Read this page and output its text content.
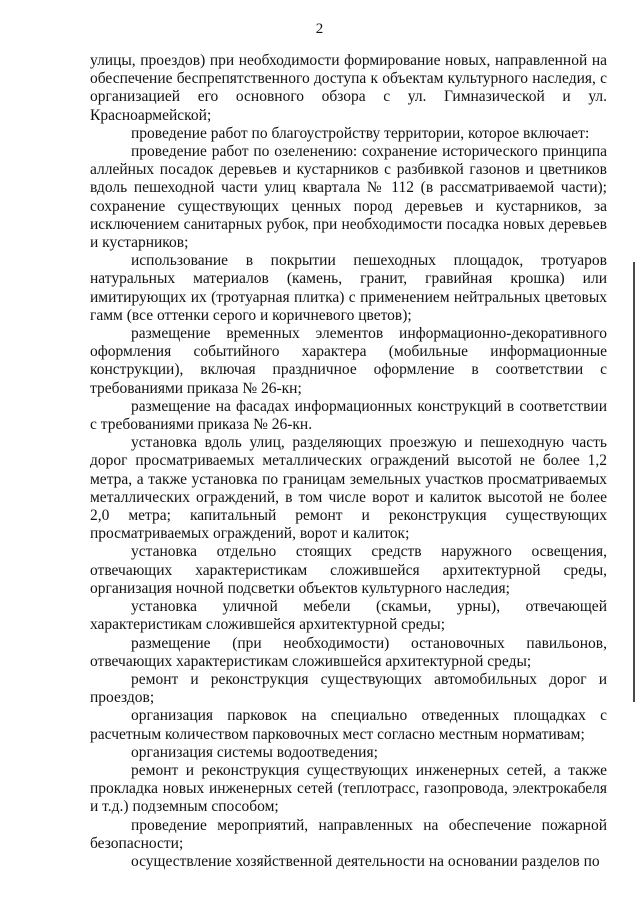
2

улицы, проездов) при необходимости формирование новых, направленной на обеспечение беспрепятственного доступа к объектам культурного наследия, с организацией его основного обзора с ул. Гимназической и ул. Красноармейской;

проведение работ по благоустройству территории, которое включает:

проведение работ по озеленению: сохранение исторического принципа аллейных посадок деревьев и кустарников с разбивкой газонов и цветников вдоль пешеходной части улиц квартала № 112 (в рассматриваемой части); сохранение существующих ценных пород деревьев и кустарников, за исключением санитарных рубок, при необходимости посадка новых деревьев и кустарников;

использование в покрытии пешеходных площадок, тротуаров натуральных материалов (камень, гранит, гравийная крошка) или имитирующих их (тротуарная плитка) с применением нейтральных цветовых гамм (все оттенки серого и коричневого цветов);

размещение временных элементов информационно-декоративного оформления событийного характера (мобильные информационные конструкции), включая праздничное оформление в соответствии с требованиями приказа № 26-кн;

размещение на фасадах информационных конструкций в соответствии с требованиями приказа № 26-кн.

установка вдоль улиц, разделяющих проезжую и пешеходную часть дорог просматриваемых металлических ограждений высотой не более 1,2 метра, а также установка по границам земельных участков просматриваемых металлических ограждений, в том числе ворот и калиток высотой не более 2,0 метра; капитальный ремонт и реконструкция существующих просматриваемых ограждений, ворот и калиток;

установка отдельно стоящих средств наружного освещения, отвечающих характеристикам сложившейся архитектурной среды, организация ночной подсветки объектов культурного наследия;

установка уличной мебели (скамьи, урны), отвечающей характеристикам сложившейся архитектурной среды;

размещение (при необходимости) остановочных павильонов, отвечающих характеристикам сложившейся архитектурной среды;

ремонт и реконструкция существующих автомобильных дорог и проездов;

организация парковок на специально отведенных площадках с расчетным количеством парковочных мест согласно местным нормативам;

организация системы водоотведения;

ремонт и реконструкция существующих инженерных сетей, а также прокладка новых инженерных сетей (теплотрасс, газопровода, электрокабеля и т.д.) подземным способом;

проведение мероприятий, направленных на обеспечение пожарной безопасности;

осуществление хозяйственной деятельности на основании разделов по
